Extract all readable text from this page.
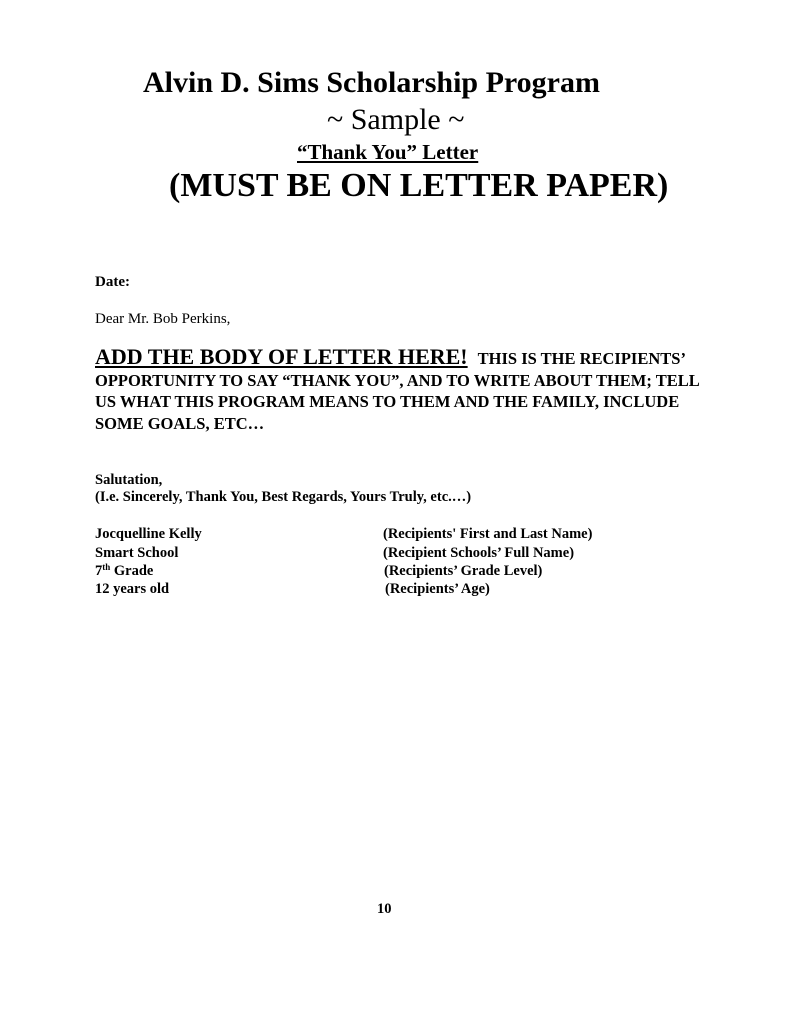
Alvin D. Sims Scholarship Program
~ Sample ~
“Thank You” Letter
(MUST BE ON LETTER PAPER)
Date:
Dear Mr. Bob Perkins,
ADD THE BODY OF LETTER HERE! THIS IS THE RECIPIENTS’ OPPORTUNITY TO SAY “THANK YOU”, AND TO WRITE ABOUT THEM; TELL US WHAT THIS PROGRAM MEANS TO THEM AND THE FAMILY, INCLUDE SOME GOALS, ETC…
Salutation,
(I.e. Sincerely, Thank You, Best Regards, Yours Truly, etc.…)
Jocquelline Kelly	(Recipients' First and Last Name)
Smart School	(Recipient Schools’ Full Name)
7th Grade	(Recipients’ Grade Level)
12 years old	(Recipients’ Age)
10
